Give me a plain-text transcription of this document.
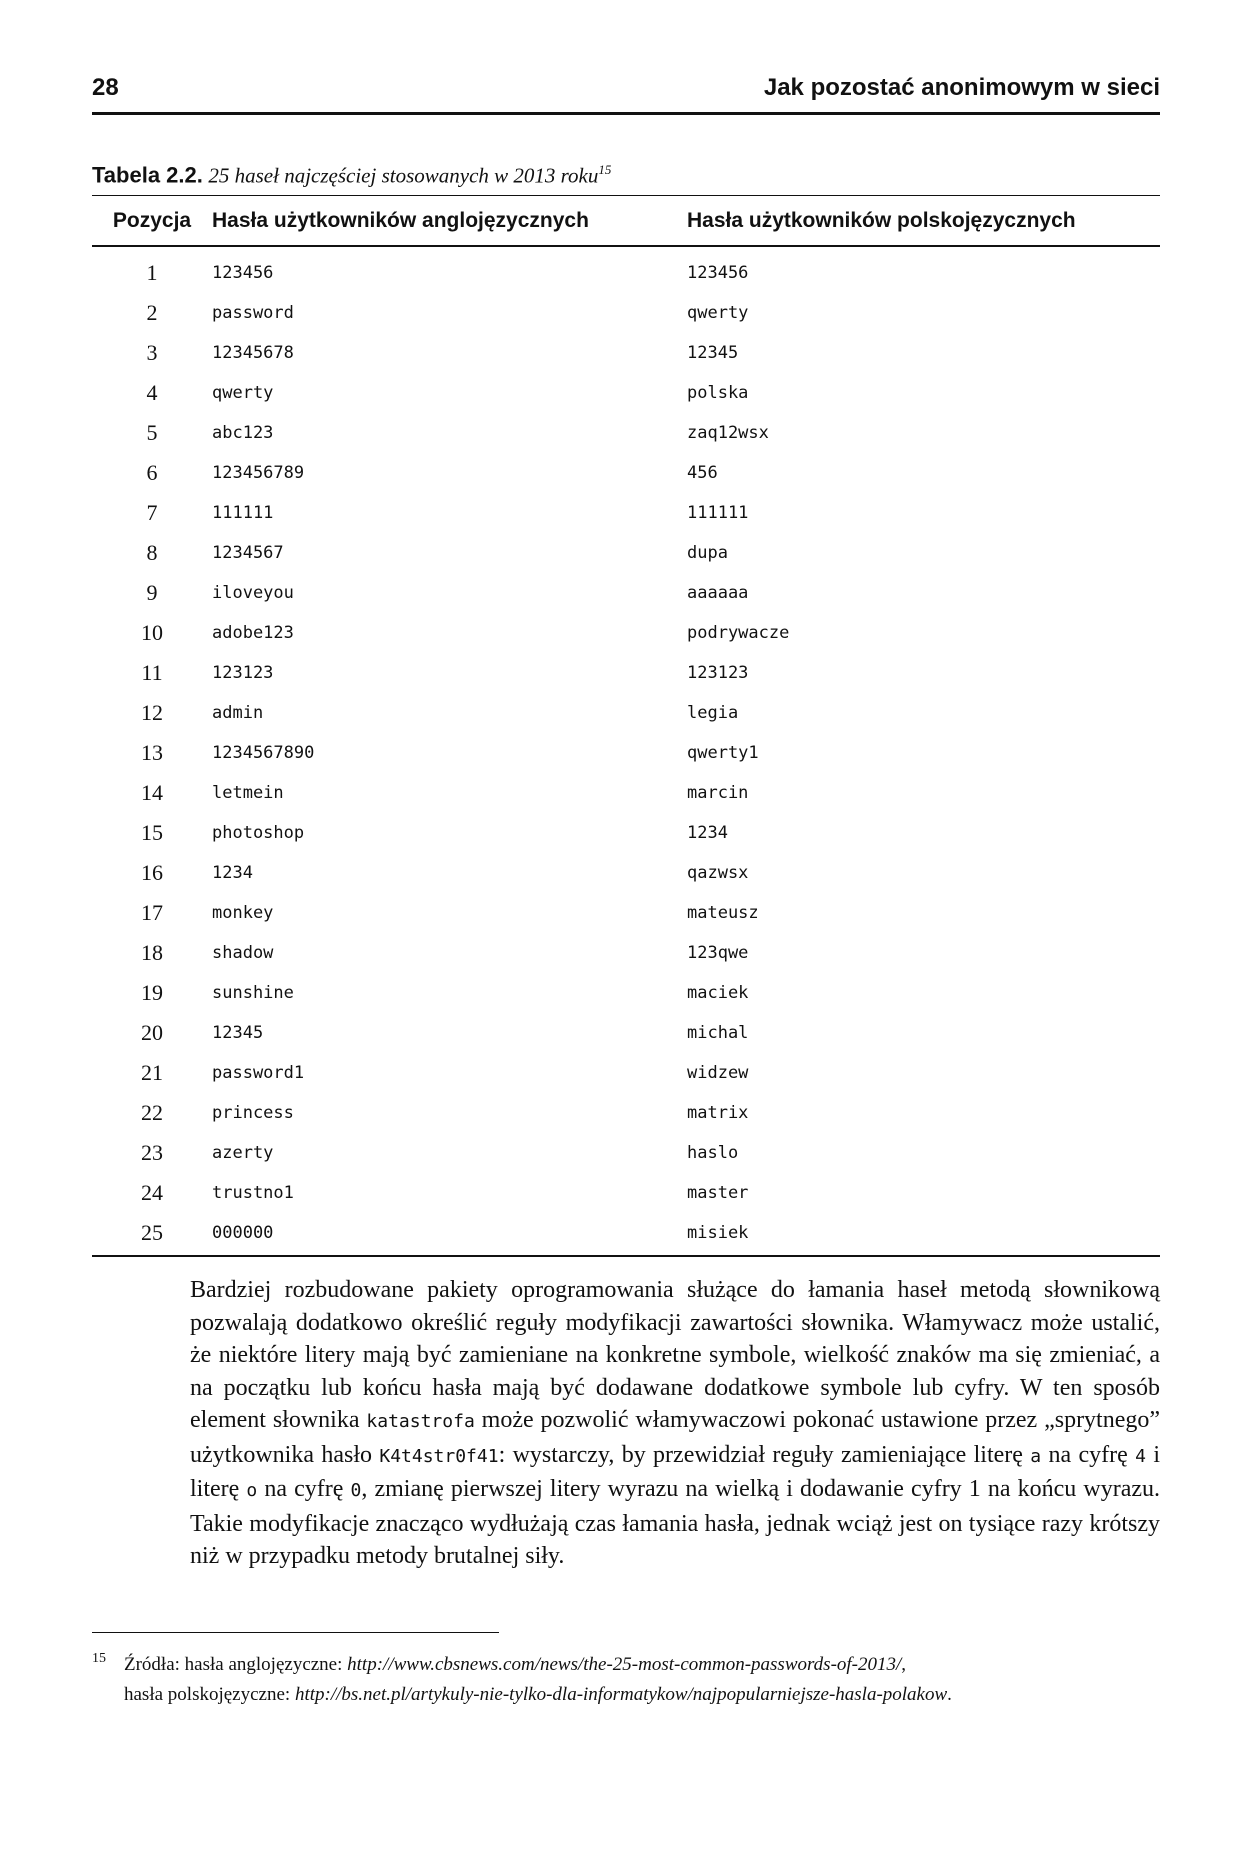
28	Jak pozostać anonimowym w sieci
Tabela 2.2. 25 haseł najczęściej stosowanych w 2013 roku$^{15}$
Pozycja	Hasła użytkowników anglojęzycznych	Hasła użytkowników polskojęzycznych
1	123456	123456
2	password	qwerty
3	12345678	12345
4	qwerty	polska
5	abc123	zaq12wsx
6	123456789	456
7	111111	111111
8	1234567	dupa
9	iloveyou	aaaaaa
10	adobe123	podrywacze
11	123123	123123
12	admin	legia
13	1234567890	qwerty1
14	letmein	marcin
15	photoshop	1234
16	1234	qazwsx
17	monkey	mateusz
18	shadow	123qwe
19	sunshine	maciek
20	12345	michal
21	password1	widzew
22	princess	matrix
23	azerty	haslo
24	trustno1	master
25	000000	misiek

Bardziej rozbudowane pakiety oprogramowania służące do łamania haseł metodą słownikową pozwalają dodatkowo określić reguły modyfikacji zawartości słownika. Włamywacz może ustalić, że niektóre litery mają być zamieniane na konkretne symbole, wielkość znaków ma się zmieniać, a na początku lub końcu hasła mają być dodawane dodatkowe symbole lub cyfry. W ten sposób element słownika katastrofa może pozwolić włamywaczowi pokonać ustawione przez „sprytnego” użytkownika hasło K4t4str0f41: wystarczy, by przewidział reguły zamieniające literę a na cyfrę 4 i literę o na cyfrę 0, zmianę pierwszej litery wyrazu na wielką i dodawanie cyfry 1 na końcu wyrazu. Takie modyfikacje znacząco wydłużają czas łamania hasła, jednak wciąż jest on tysiące razy krótszy niż w przypadku metody brutalnej siły.

15 Źródła: hasła anglojęzyczne: http://www.cbsnews.com/news/the-25-most-common-passwords-of-2013/,
hasła polskojęzyczne: http://bs.net.pl/artykuly-nie-tylko-dla-informatykow/najpopularniejsze-hasla-polakow.
